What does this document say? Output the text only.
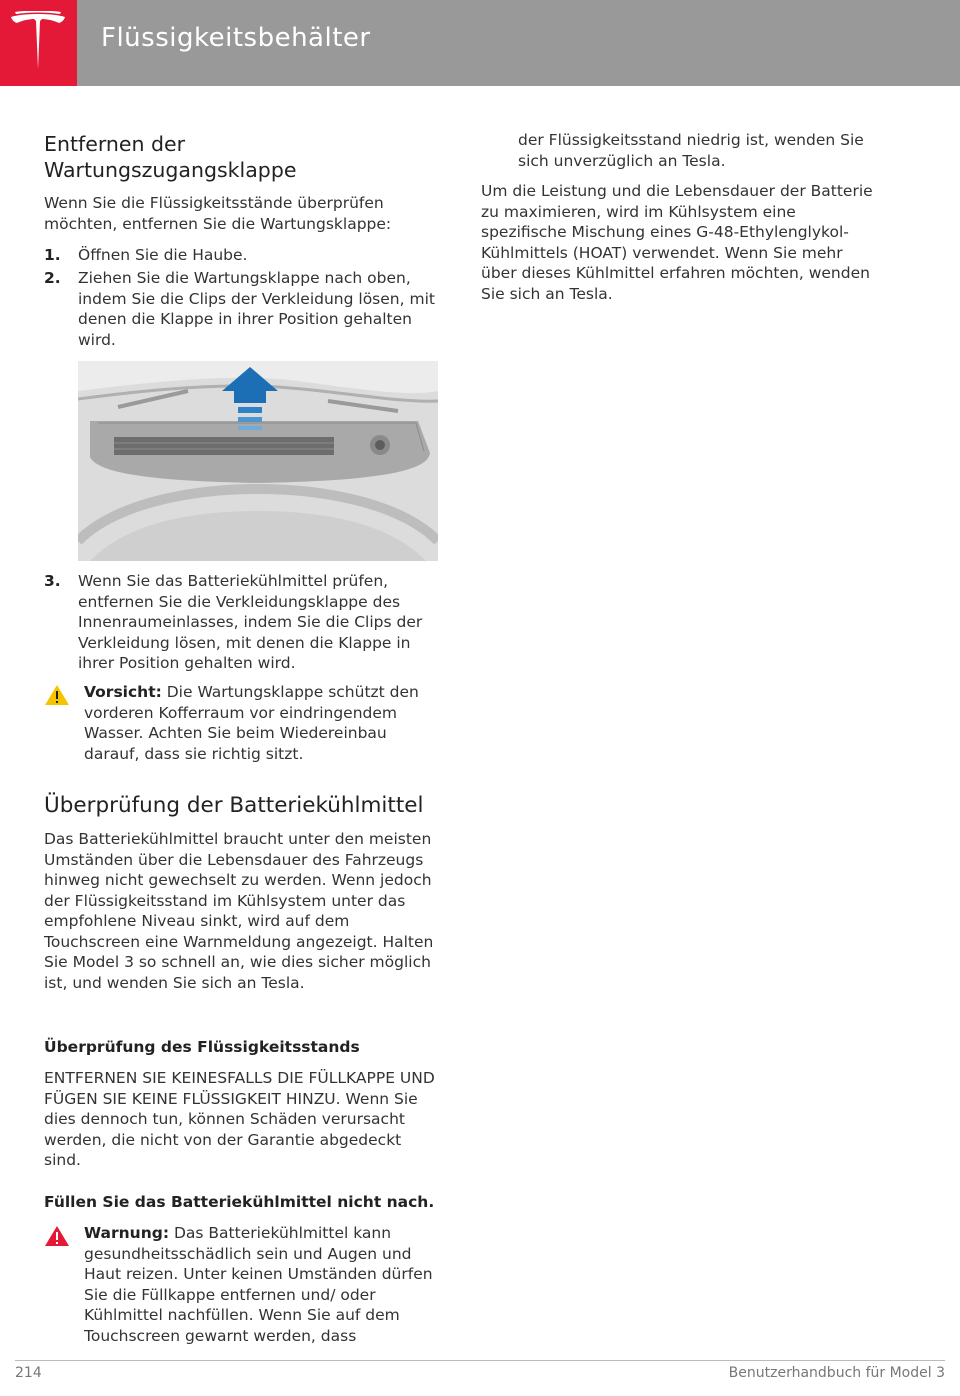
Flüssigkeitsbehälter
Entfernen der Wartungszugangsklappe

Wenn Sie die Flüssigkeitsstände überprüfen möchten, entfernen Sie die Wartungsklappe:

1. Öffnen Sie die Haube.
2. Ziehen Sie die Wartungsklappe nach oben, indem Sie die Clips der Verkleidung lösen, mit denen die Klappe in ihrer Position gehalten wird.
3. Wenn Sie das Batteriekühlmittel prüfen, entfernen Sie die Verkleidungsklappe des Innenraumeinlasses, indem Sie die Clips der Verkleidung lösen, mit denen die Klappe in ihrer Position gehalten wird.
Vorsicht: Die Wartungsklappe schützt den vorderen Kofferraum vor eindringendem Wasser. Achten Sie beim Wiedereinbau darauf, dass sie richtig sitzt.
Überprüfung der Batteriekühlmittel

Das Batteriekühlmittel braucht unter den meisten Umständen über die Lebensdauer des Fahrzeugs hinweg nicht gewechselt zu werden. Wenn jedoch der Flüssigkeitsstand im Kühlsystem unter das empfohlene Niveau sinkt, wird auf dem Touchscreen eine Warnmeldung angezeigt. Halten Sie Model 3 so schnell an, wie dies sicher möglich ist, und wenden Sie sich an Tesla.

Überprüfung des Flüssigkeitsstands

ENTFERNEN SIE KEINESFALLS DIE FÜLLKAPPE UND FÜGEN SIE KEINE FLÜSSIGKEIT HINZU. Wenn Sie dies dennoch tun, können Schäden verursacht werden, die nicht von der Garantie abgedeckt sind.

Füllen Sie das Batteriekühlmittel nicht nach.

Warnung: Das Batteriekühlmittel kann gesundheitsschädlich sein und Augen und Haut reizen. Unter keinen Umständen dürfen Sie die Füllkappe entfernen und/ oder Kühlmittel nachfüllen. Wenn Sie auf dem Touchscreen gewarnt werden, dass

der Flüssigkeitsstand niedrig ist, wenden Sie sich unverzüglich an Tesla.

Um die Leistung und die Lebensdauer der Batterie zu maximieren, wird im Kühlsystem eine spezifische Mischung eines G-48-Ethylenglykol-Kühlmittels (HOAT) verwendet. Wenn Sie mehr über dieses Kühlmittel erfahren möchten, wenden Sie sich an Tesla.

214	Benutzerhandbuch für Model 3
